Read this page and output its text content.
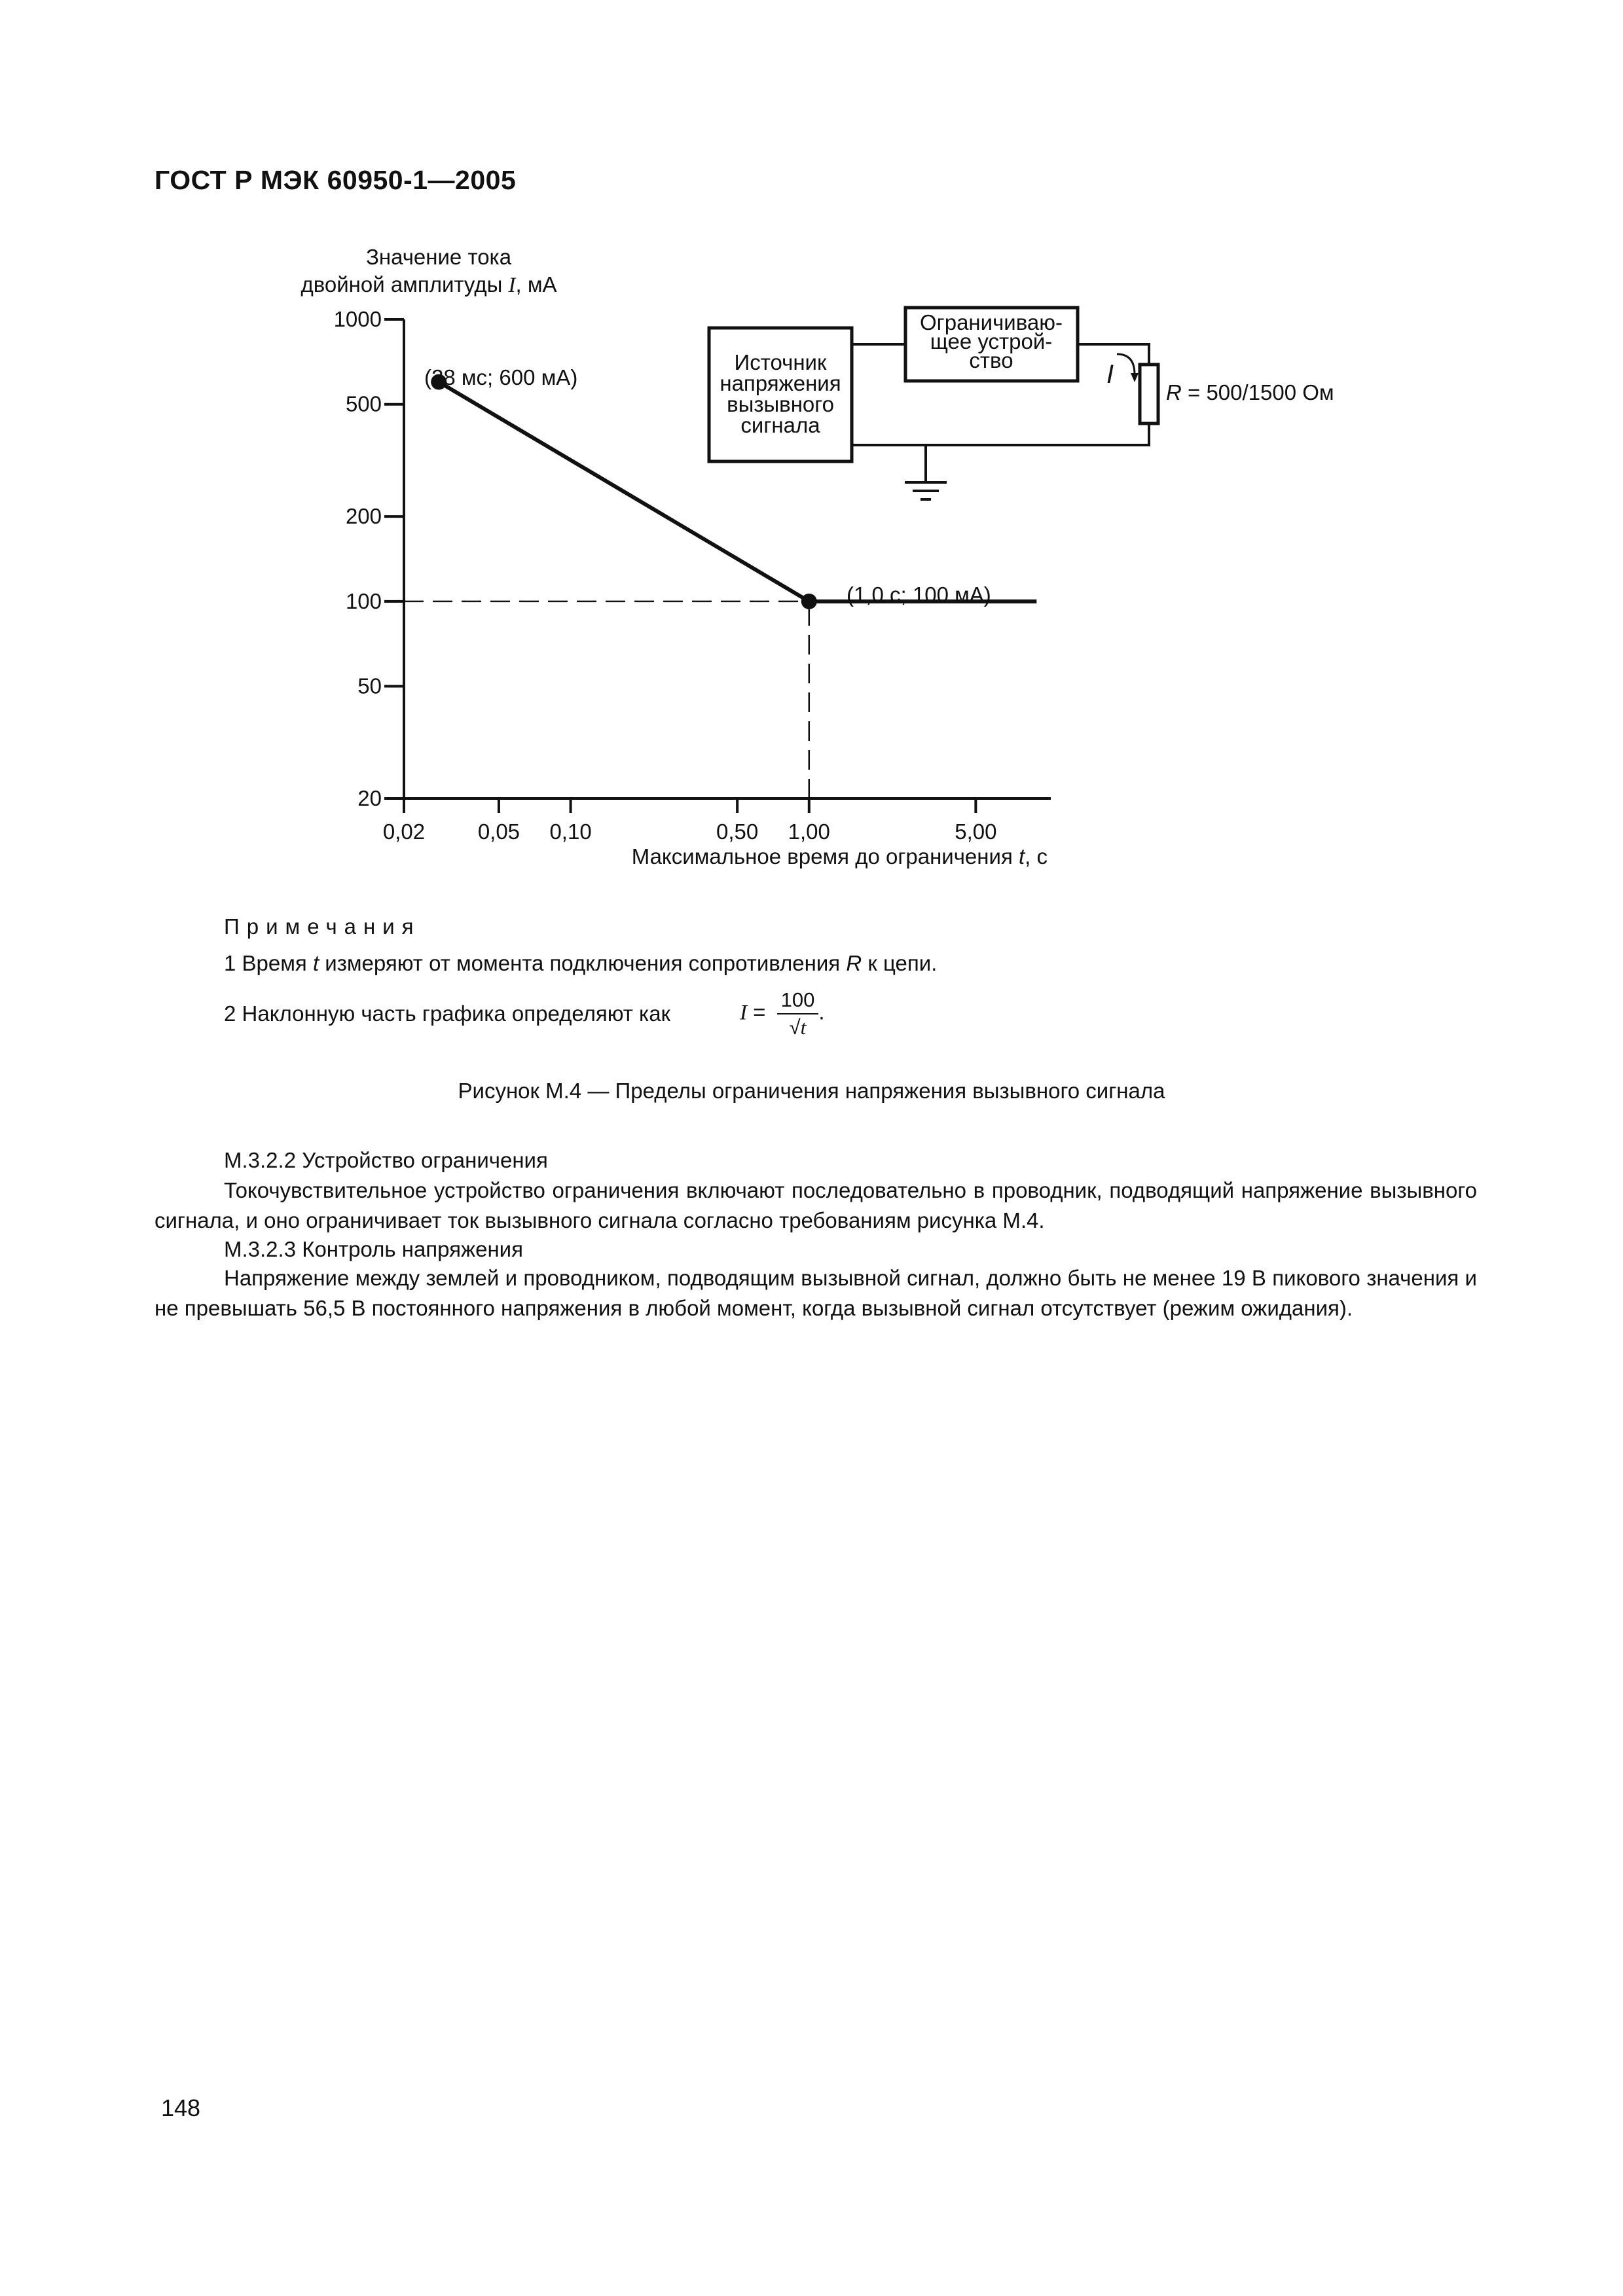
ГОСТ Р МЭК 60950-1—2005
Значение тока
двойной амплитуды I, мА
20
50
100
200
500
1000
0,02 0,05 0,10	0,50 1,00	5,00
(28 мс; 600 мА)
(1,0 с; 100 мА)
Максимальное время до ограничения t, с
Источник
напряжения
вызывного
сигнала
Ограничиваю-
щее устрой-
ство	I
R = 500/1500 Ом
Примечания
1 Время t измеряют от момента подключения сопротивления R к цепи.
2 Наклонную часть графика определяют как	$I = \frac{100}{√t}$ .
Рисунок М.4 — Пределы ограничения напряжения вызывного сигнала
М.3.2.2 Устройство ограничения
Токочувствительное устройство ограничения включают последовательно в проводник, подводящий напряжение вызывного сигнала, и оно ограничивает ток вызывного сигнала согласно требованиям рисунка М.4.
М.3.2.3 Контроль напряжения
Напряжение между землей и проводником, подводящим вызывной сигнал, должно быть не менее 19 В пикового значения и не превышать 56,5 В постоянного напряжения в любой момент, когда вызывной сигнал отсутствует (режим ожидания).
148
